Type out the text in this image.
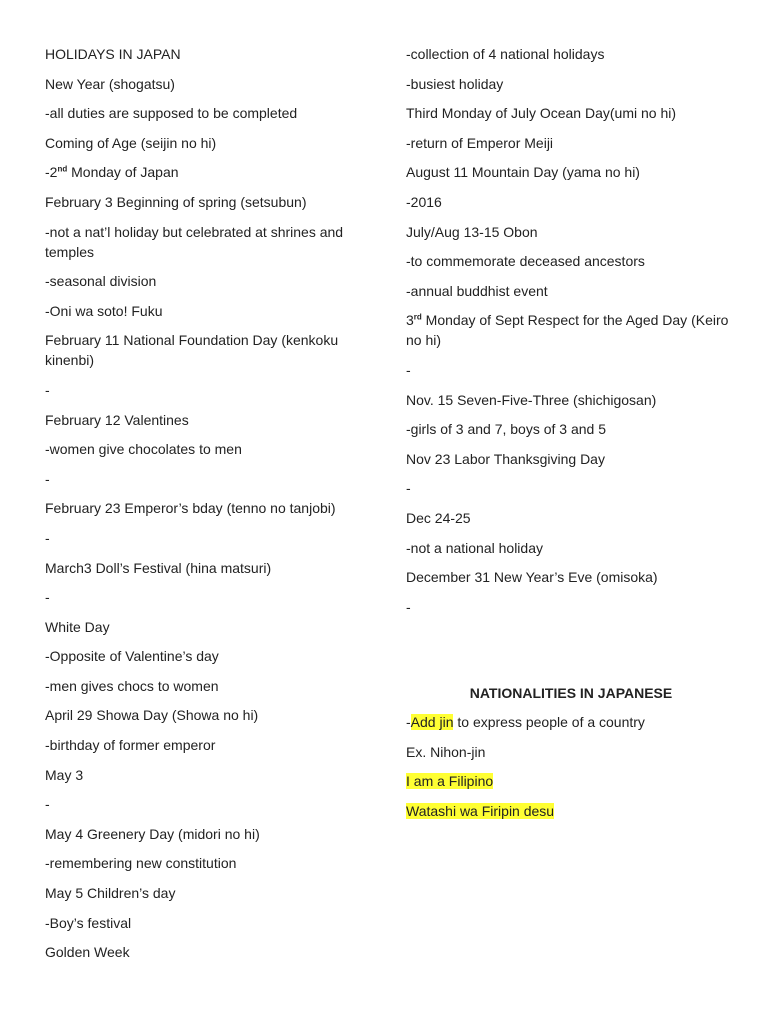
HOLIDAYS IN JAPAN
New Year (shogatsu)
-all duties are supposed to be completed
Coming of Age (seijin no hi)
-2nd Monday of Japan
February 3 Beginning of spring (setsubun)
-not a nat’l holiday but celebrated at shrines and temples
-seasonal division
-Oni wa soto! Fuku
February 11 National Foundation Day (kenkoku kinenbi)
-
February 12 Valentines
-women give chocolates to men
-
February 23 Emperor’s bday (tenno no tanjobi)
-
March3 Doll’s Festival (hina matsuri)
-
White Day
-Opposite of Valentine’s day
-men gives chocs to women
April 29 Showa Day (Showa no hi)
-birthday of former emperor
May 3
-
May 4 Greenery Day (midori no hi)
-remembering new constitution
May 5 Children’s day
-Boy’s festival
Golden Week
-collection of 4 national holidays
-busiest holiday
Third Monday of July Ocean Day(umi no hi)
-return of Emperor Meiji
August 11 Mountain Day (yama no hi)
-2016
July/Aug 13-15 Obon
-to commemorate deceased ancestors
-annual buddhist event
3rd Monday of Sept Respect for the Aged Day (Keiro no hi)
-
Nov. 15 Seven-Five-Three (shichigosan)
-girls of 3 and 7, boys of 3 and 5
Nov 23 Labor Thanksgiving Day
-
Dec 24-25
-not a national holiday
December 31 New Year’s Eve (omisoka)
-
NATIONALITIES IN JAPANESE
-Add jin to express people of a country
Ex. Nihon-jin
I am a Filipino
Watashi wa Firipin desu
